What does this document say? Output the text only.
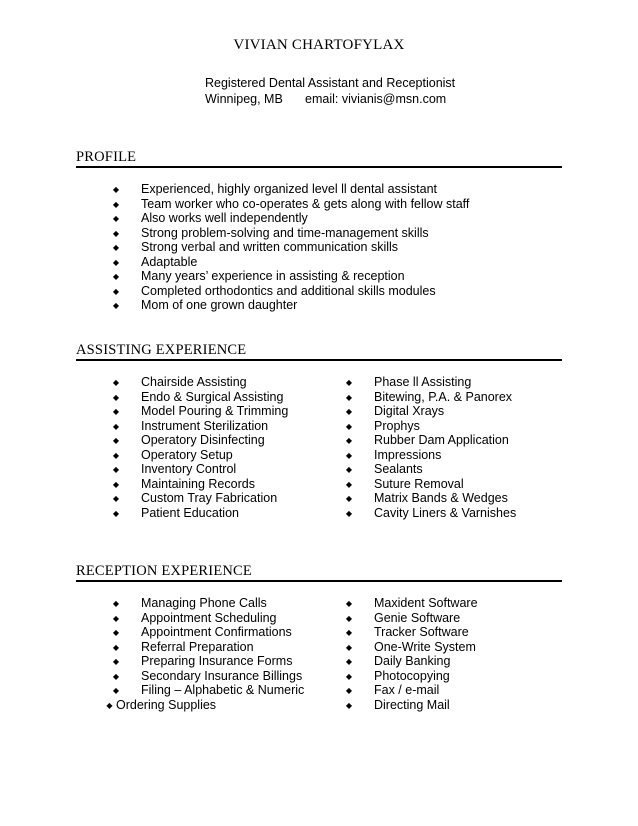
VIVIAN CHARTOFYLAX
Registered Dental Assistant and Receptionist
Winnipeg, MB email: vivianis@msn.com
PROFILE
◆ Experienced, highly organized level ll dental assistant
◆ Team worker who co-operates & gets along with fellow staff
◆ Also works well independently
◆ Strong problem-solving and time-management skills
◆ Strong verbal and written communication skills
◆ Adaptable
◆ Many years’ experience in assisting & reception
◆ Completed orthodontics and additional skills modules
◆ Mom of one grown daughter
ASSISTING EXPERIENCE
◆ Chairside Assisting
◆ Endo & Surgical Assisting
◆ Model Pouring & Trimming
◆ Instrument Sterilization
◆ Operatory Disinfecting
◆ Operatory Setup
◆ Inventory Control
◆ Maintaining Records
◆ Custom Tray Fabrication
◆ Patient Education
◆ Phase ll Assisting
◆ Bitewing, P.A. & Panorex
◆ Digital Xrays
◆ Prophys
◆ Rubber Dam Application
◆ Impressions
◆ Sealants
◆ Suture Removal
◆ Matrix Bands & Wedges
◆ Cavity Liners & Varnishes
RECEPTION EXPERIENCE
◆ Managing Phone Calls
◆ Appointment Scheduling
◆ Appointment Confirmations
◆ Referral Preparation
◆ Preparing Insurance Forms
◆ Secondary Insurance Billings
◆ Filing – Alphabetic & Numeric
◆ Ordering Supplies
◆ Maxident Software
◆ Genie Software
◆ Tracker Software
◆ One-Write System
◆ Daily Banking
◆ Photocopying
◆ Fax / e-mail
◆ Directing Mail
